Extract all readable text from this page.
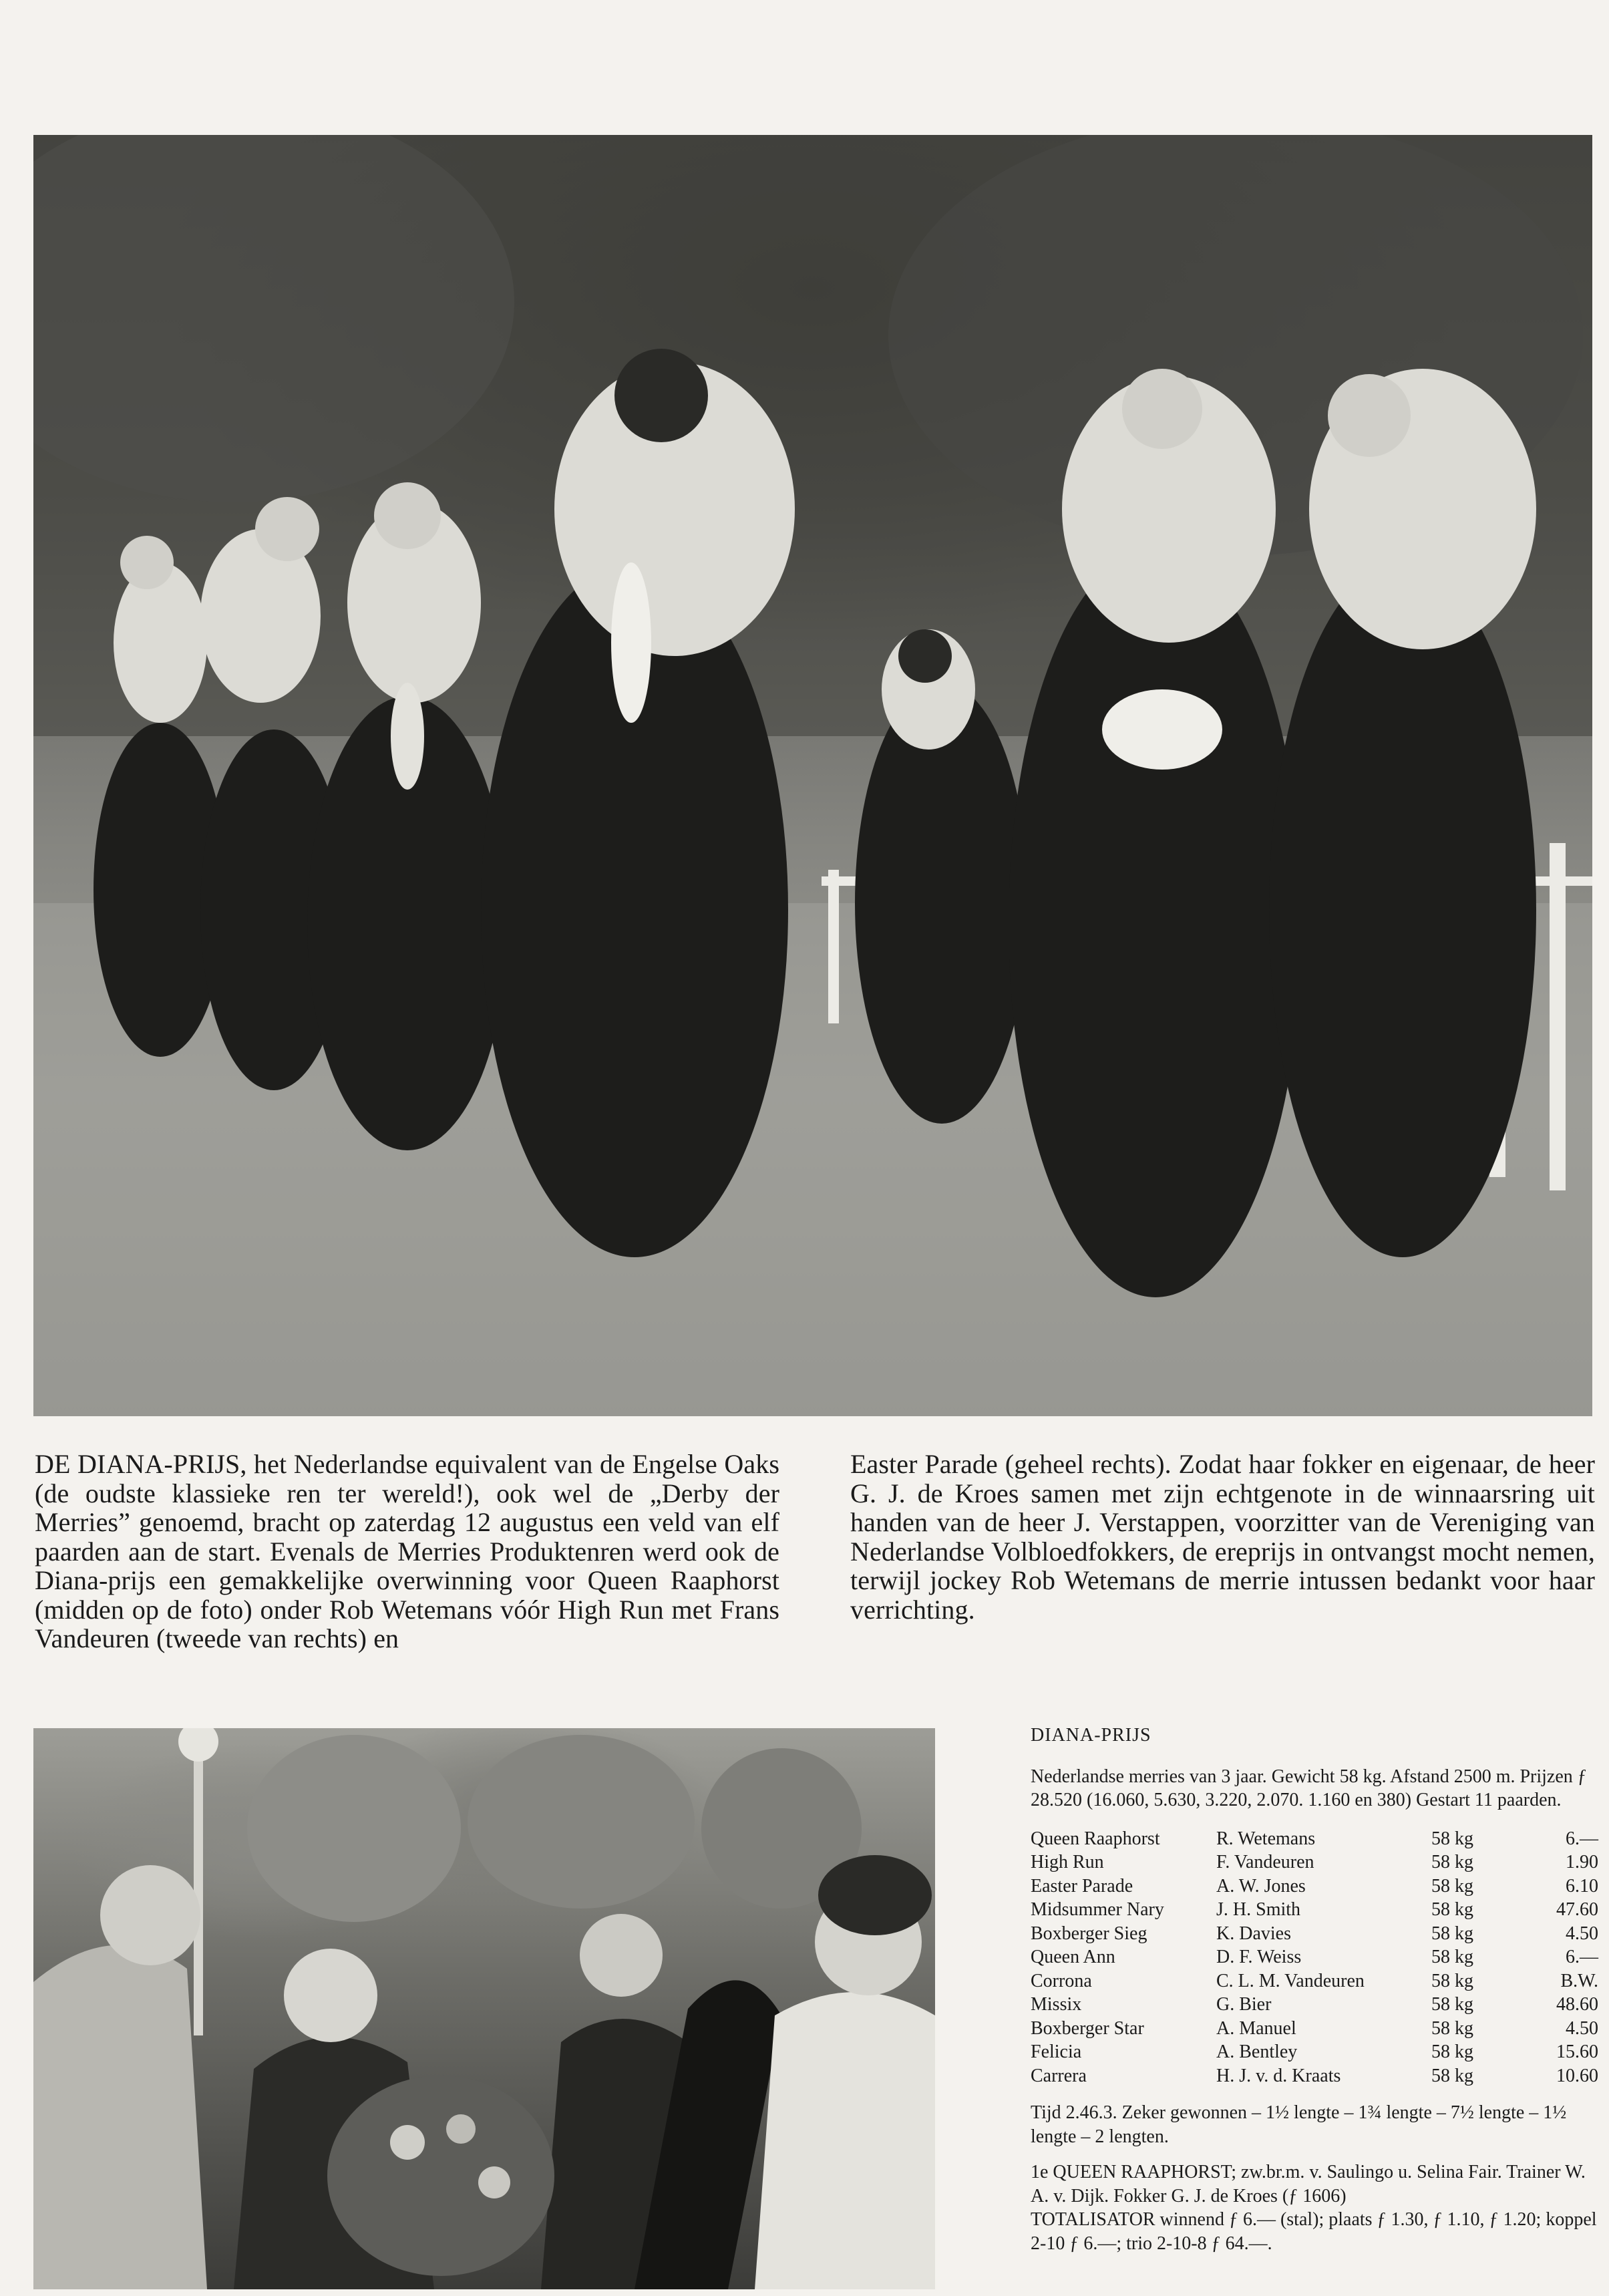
DE DIANA-PRIJS, het Nederlandse equivalent van de Engelse Oaks (de oudste klassieke ren ter wereld!), ook wel de „Derby der Merries” genoemd, bracht op zaterdag 12 augustus een veld van elf paarden aan de start. Evenals de Merries Produktenren werd ook de Diana-prijs een gemakkelijke overwinning voor Queen Raaphorst (midden op de foto) onder Rob Wetemans vóór High Run met Frans Vandeuren (tweede van rechts) en
Easter Parade (geheel rechts). Zodat haar fokker en eigenaar, de heer G. J. de Kroes samen met zijn echtgenote in de winnaarsring uit handen van de heer J. Verstappen, voorzitter van de Vereniging van Nederlandse Volbloedfokkers, de ereprijs in ontvangst mocht nemen, terwijl jockey Rob Wetemans de merrie intussen bedankt voor haar verrichting.
DIANA-PRIJS

Nederlandse merries van 3 jaar. Gewicht 58 kg. Afstand 2500 m. Prijzen ƒ 28.520 (16.060, 5.630, 3.220, 2.070. 1.160 en 380) Gestart 11 paarden.

Queen Raaphorst	R. Wetemans	58 kg	6.—
High Run	F. Vandeuren	58 kg	1.90
Easter Parade	A. W. Jones	58 kg	6.10
Midsummer Nary	J. H. Smith	58 kg	47.60
Boxberger Sieg	K. Davies	58 kg	4.50
Queen Ann	D. F. Weiss	58 kg	6.—
Corrona	C. L. M. Vandeuren	58 kg	B.W.
Missix	G. Bier	58 kg	48.60
Boxberger Star	A. Manuel	58 kg	4.50
Felicia	A. Bentley	58 kg	15.60
Carrera	H. J. v. d. Kraats	58 kg	10.60

Tijd 2.46.3. Zeker gewonnen – 1½ lengte – 1¾ lengte – 7½ lengte – 1½ lengte – 2 lengten.

1e QUEEN RAAPHORST; zw.br.m. v. Saulingo u. Selina Fair. Trainer W. A. v. Dijk. Fokker G. J. de Kroes (ƒ 1606)

TOTALISATOR winnend ƒ 6.— (stal); plaats ƒ 1.30, ƒ 1.10, ƒ 1.20; koppel 2-10 ƒ 6.—; trio 2-10-8 ƒ 64.—.
